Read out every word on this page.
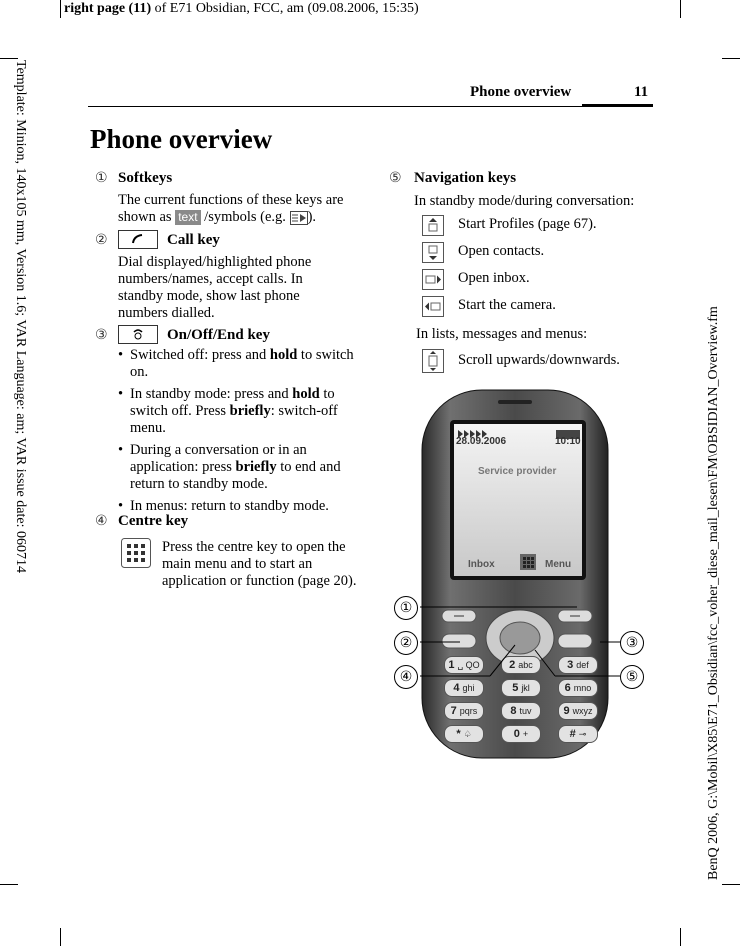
right page (11) of E71 Obsidian, FCC, am (09.08.2006, 15:35)
Template: Minion, 140x105 mm, Version 1.6; VAR Language: am; VAR issue date: 060714	BenQ 2006, G:\Mobil\X85\E71_Obsidian\fcc_voher_diese_mail_lesen\FM\OBSIDIAN_Overview.fm
Phone overview	11
Phone overview
① Softkeys
The current functions of these keys are shown as text /symbols (e.g. ).
②	Call key
Dial displayed/highlighted phone numbers/names, accept calls. In standby mode, show last phone numbers dialled.
③	On/Off/End key
• Switched off: press and hold to switch on.
• In standby mode: press and hold to switch off. Press briefly: switch-off menu.
• During a conversation or in an application: press briefly to end and return to standby mode.
• In menus: return to standby mode.
④ Centre key
Press the centre key to open the main menu and to start an application or function (page 20).
⑤ Navigation keys
In standby mode/during conversation:
Start Profiles (page 67).
Open contacts.
Open inbox.
Start the camera.
In lists, messages and menus:
Scroll upwards/downwards.
28.09.2006	10:10
Service provider
Inbox	Menu
1 ␣ QO	2 abc	3 def
4 ghi	5 jkl	6 mno
7 pqrs	8 tuv	9 wxyz
* ♤	0 +	# ⊸
①
②	③
④	⑤
